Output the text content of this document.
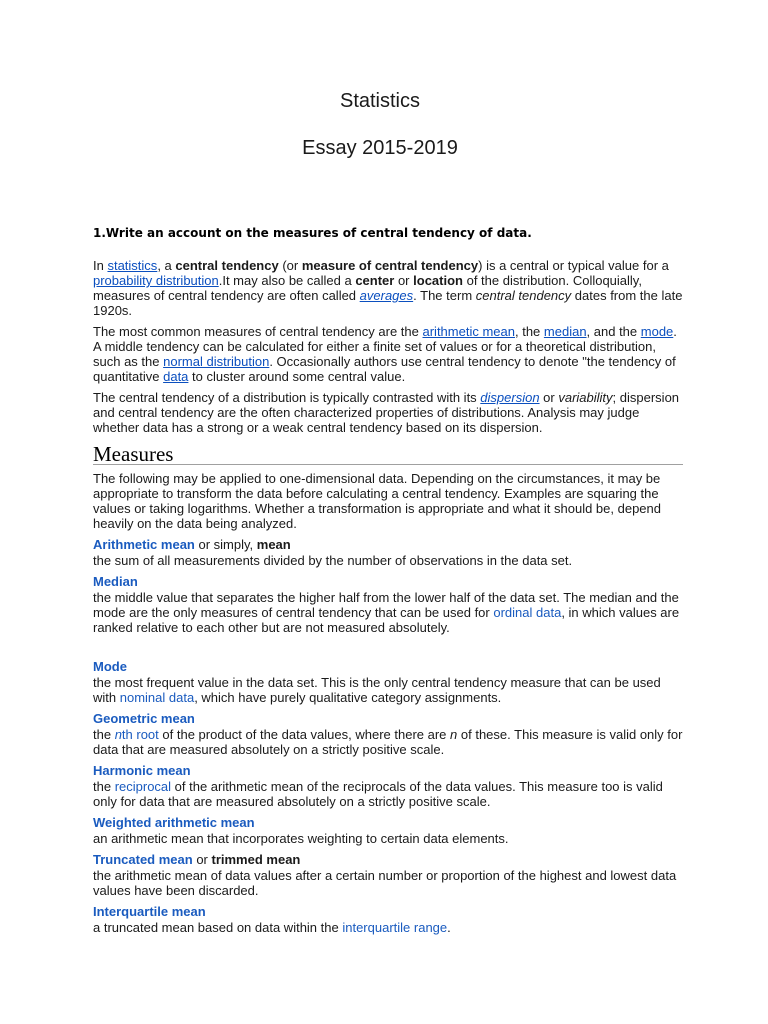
Statistics
Essay 2015-2019
1.Write an account on the measures of central tendency of data.

In statistics, a central tendency (or measure of central tendency) is a central or typical value for a probability distribution.It may also be called a center or location of the distribution. Colloquially, measures of central tendency are often called averages. The term central tendency dates from the late 1920s.

The most common measures of central tendency are the arithmetic mean, the median, and the mode. A middle tendency can be calculated for either a finite set of values or for a theoretical distribution, such as the normal distribution. Occasionally authors use central tendency to denote "the tendency of quantitative data to cluster around some central value.

The central tendency of a distribution is typically contrasted with its dispersion or variability; dispersion and central tendency are the often characterized properties of distributions. Analysis may judge whether data has a strong or a weak central tendency based on its dispersion.

Measures

The following may be applied to one-dimensional data. Depending on the circumstances, it may be appropriate to transform the data before calculating a central tendency. Examples are squaring the values or taking logarithms. Whether a transformation is appropriate and what it should be, depend heavily on the data being analyzed.

Arithmetic mean or simply, mean
the sum of all measurements divided by the number of observations in the data set.
Median
the middle value that separates the higher half from the lower half of the data set. The median and the mode are the only measures of central tendency that can be used for ordinal data, in which values are ranked relative to each other but are not measured absolutely.
Mode
the most frequent value in the data set. This is the only central tendency measure that can be used with nominal data, which have purely qualitative category assignments.
Geometric mean
the nth root of the product of the data values, where there are n of these. This measure is valid only for data that are measured absolutely on a strictly positive scale.
Harmonic mean
the reciprocal of the arithmetic mean of the reciprocals of the data values. This measure too is valid only for data that are measured absolutely on a strictly positive scale.
Weighted arithmetic mean
an arithmetic mean that incorporates weighting to certain data elements.
Truncated mean or trimmed mean
the arithmetic mean of data values after a certain number or proportion of the highest and lowest data values have been discarded.
Interquartile mean
a truncated mean based on data within the interquartile range.
